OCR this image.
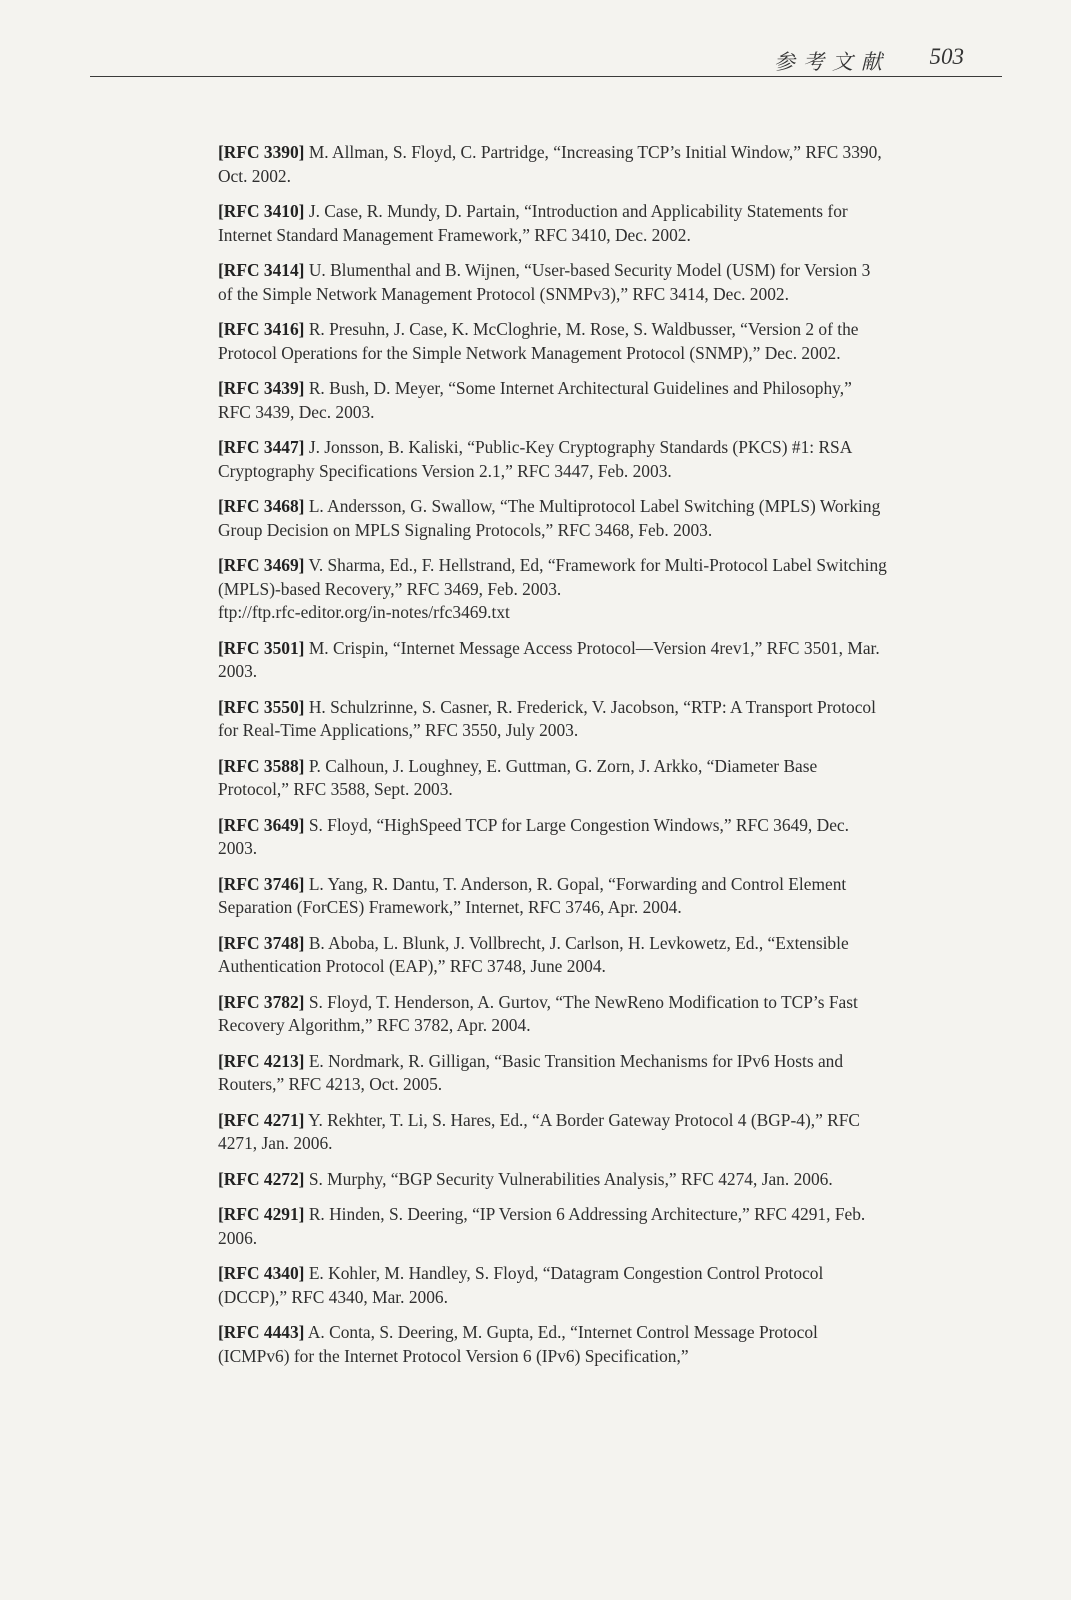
参考文献 503

[RFC 3390] M. Allman, S. Floyd, C. Partridge, “Increasing TCP’s Initial Window,” RFC 3390, Oct. 2002.

[RFC 3410] J. Case, R. Mundy, D. Partain, “Introduction and Applicability Statements for Internet Standard Management Framework,” RFC 3410, Dec. 2002.

[RFC 3414] U. Blumenthal and B. Wijnen, “User-based Security Model (USM) for Version 3 of the Simple Network Management Protocol (SNMPv3),” RFC 3414, Dec. 2002.

[RFC 3416] R. Presuhn, J. Case, K. McCloghrie, M. Rose, S. Waldbusser, “Version 2 of the Protocol Operations for the Simple Network Management Protocol (SNMP),” Dec. 2002.

[RFC 3439] R. Bush, D. Meyer, “Some Internet Architectural Guidelines and Philosophy,” RFC 3439, Dec. 2003.

[RFC 3447] J. Jonsson, B. Kaliski, “Public-Key Cryptography Standards (PKCS) #1: RSA Cryptography Specifications Version 2.1,” RFC 3447, Feb. 2003.

[RFC 3468] L. Andersson, G. Swallow, “The Multiprotocol Label Switching (MPLS) Working Group Decision on MPLS Signaling Protocols,” RFC 3468, Feb. 2003.

[RFC 3469] V. Sharma, Ed., F. Hellstrand, Ed, “Framework for Multi-Protocol Label Switching (MPLS)-based Recovery,” RFC 3469, Feb. 2003.
ftp://ftp.rfc-editor.org/in-notes/rfc3469.txt

[RFC 3501] M. Crispin, “Internet Message Access Protocol—Version 4rev1,” RFC 3501, Mar. 2003.

[RFC 3550] H. Schulzrinne, S. Casner, R. Frederick, V. Jacobson, “RTP: A Transport Protocol for Real-Time Applications,” RFC 3550, July 2003.

[RFC 3588] P. Calhoun, J. Loughney, E. Guttman, G. Zorn, J. Arkko, “Diameter Base Protocol,” RFC 3588, Sept. 2003.

[RFC 3649] S. Floyd, “HighSpeed TCP for Large Congestion Windows,” RFC 3649, Dec. 2003.

[RFC 3746] L. Yang, R. Dantu, T. Anderson, R. Gopal, “Forwarding and Control Element Separation (ForCES) Framework,” Internet, RFC 3746, Apr. 2004.

[RFC 3748] B. Aboba, L. Blunk, J. Vollbrecht, J. Carlson, H. Levkowetz, Ed., “Extensible Authentication Protocol (EAP),” RFC 3748, June 2004.

[RFC 3782] S. Floyd, T. Henderson, A. Gurtov, “The NewReno Modification to TCP’s Fast Recovery Algorithm,” RFC 3782, Apr. 2004.

[RFC 4213] E. Nordmark, R. Gilligan, “Basic Transition Mechanisms for IPv6 Hosts and Routers,” RFC 4213, Oct. 2005.

[RFC 4271] Y. Rekhter, T. Li, S. Hares, Ed., “A Border Gateway Protocol 4 (BGP-4),” RFC 4271, Jan. 2006.

[RFC 4272] S. Murphy, “BGP Security Vulnerabilities Analysis,” RFC 4274, Jan. 2006.

[RFC 4291] R. Hinden, S. Deering, “IP Version 6 Addressing Architecture,” RFC 4291, Feb. 2006.

[RFC 4340] E. Kohler, M. Handley, S. Floyd, “Datagram Congestion Control Protocol (DCCP),” RFC 4340, Mar. 2006.

[RFC 4443] A. Conta, S. Deering, M. Gupta, Ed., “Internet Control Message Protocol (ICMPv6) for the Internet Protocol Version 6 (IPv6) Specification,”
